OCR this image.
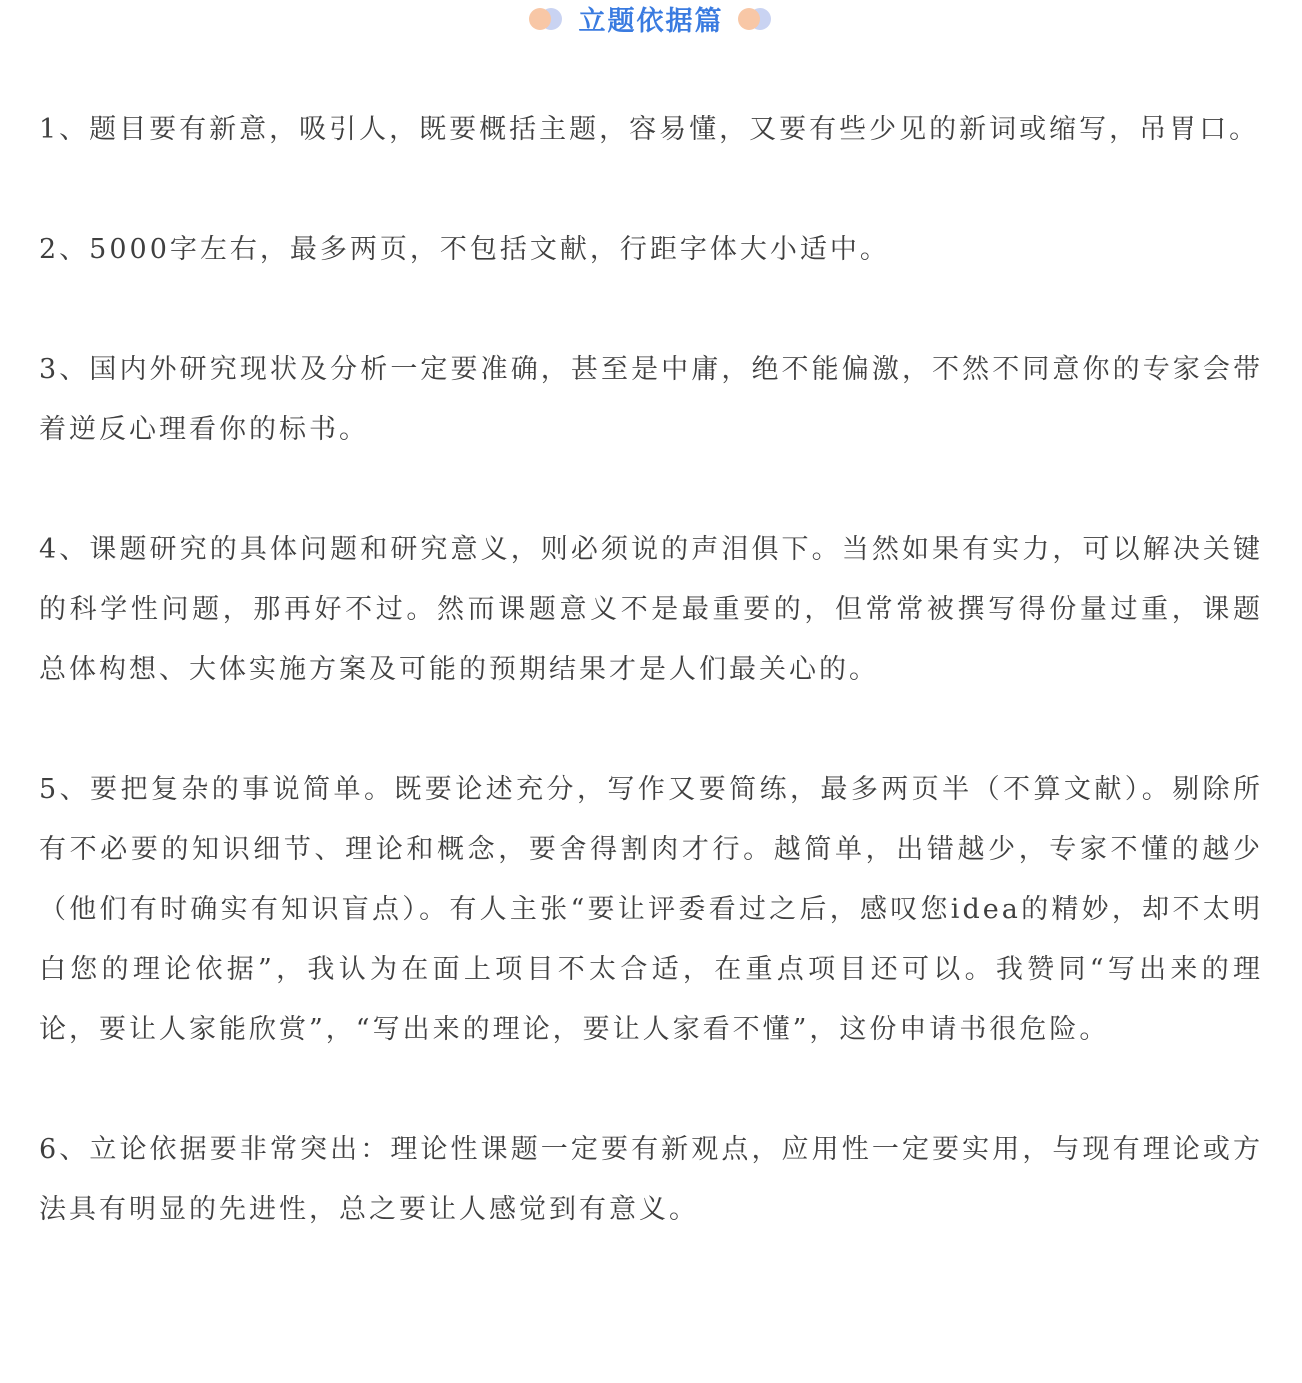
立题依据篇

1、题目要有新意，吸引人，既要概括主题，容易懂，又要有些少见的新词或缩写，吊胃口。

2、5000字左右，最多两页，不包括文献，行距字体大小适中。

3、国内外研究现状及分析一定要准确，甚至是中庸，绝不能偏激，不然不同意你的专家会带着逆反心理看你的标书。

4、课题研究的具体问题和研究意义，则必须说的声泪俱下。当然如果有实力，可以解决关键的科学性问题，那再好不过。然而课题意义不是最重要的，但常常被撰写得份量过重，课题总体构想、大体实施方案及可能的预期结果才是人们最关心的。

5、要把复杂的事说简单。既要论述充分，写作又要简练，最多两页半（不算文献）。剔除所有不必要的知识细节、理论和概念，要舍得割肉才行。越简单，出错越少，专家不懂的越少（他们有时确实有知识盲点）。有人主张“要让评委看过之后，感叹您idea的精妙，却不太明白您的理论依据”，我认为在面上项目不太合适，在重点项目还可以。我赞同“写出来的理论，要让人家能欣赏”，“写出来的理论，要让人家看不懂”，这份申请书很危险。

6、立论依据要非常突出：理论性课题一定要有新观点，应用性一定要实用，与现有理论或方法具有明显的先进性，总之要让人感觉到有意义。
